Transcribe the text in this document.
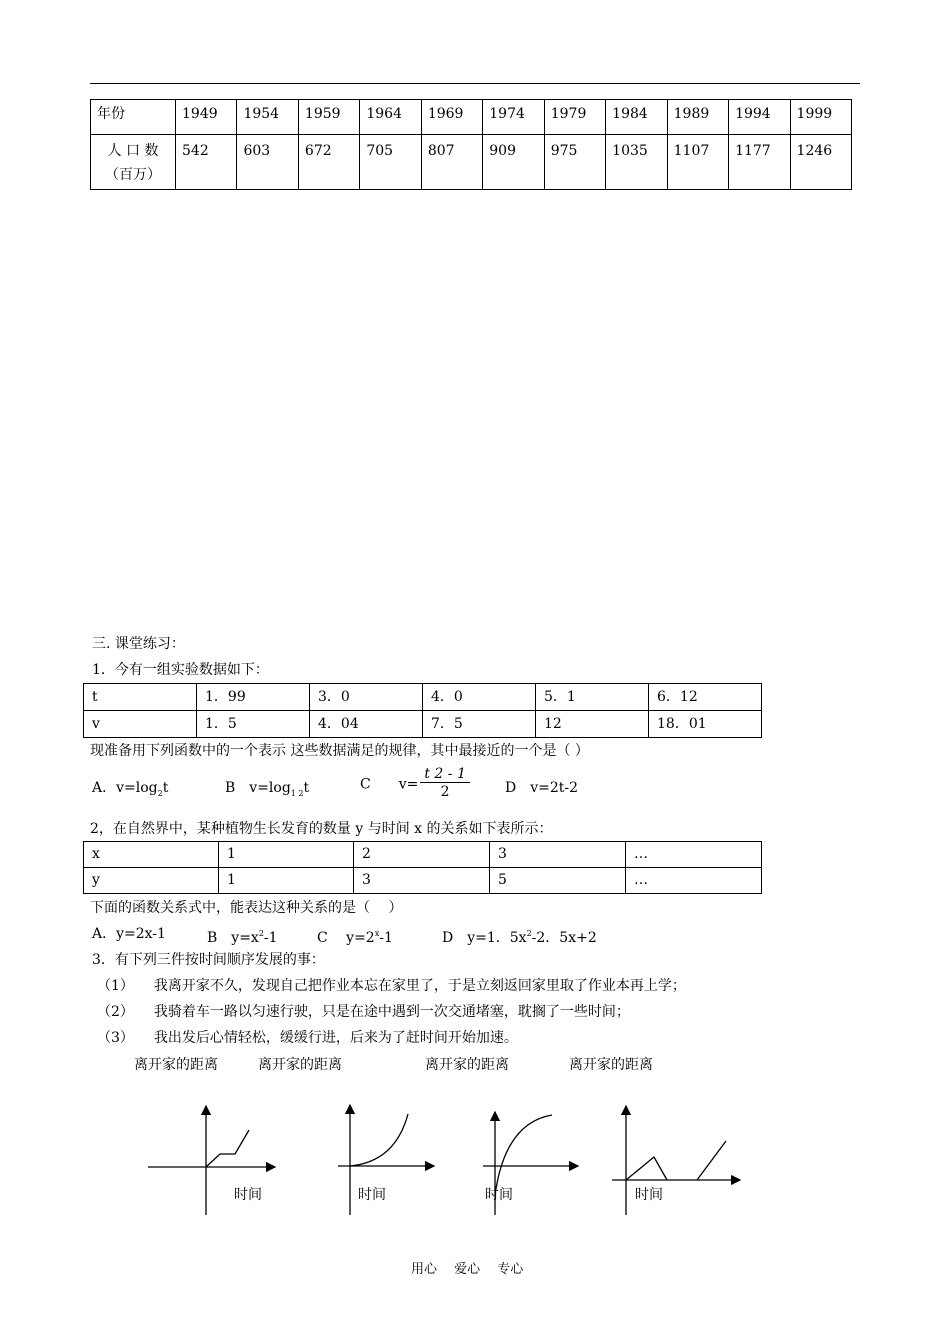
年份	1949	1954	1959	1964	1969	1974	1979	1984	1989	1994	1999

人 口 数
（百万）	542	603	672	705	807	909	975	1035	1107	1177	1246
三. 课堂练习：
1．今有一组实验数据如下：
t	1．99	3．0	4．0	5．1	6．12
v	1．5	4．04	7．5	12	18．01
现准备用下列函数中的一个表示 这些数据满足的规律，其中最接近的一个是（ ）
A．$v=\log_2t$	B　$v=\log_{1 2}t$	C　　$v= \frac{t 2 - 1}{2}$	D　v=2t-2
2，在自然界中，某种植物生长发育的数量 y 与时间 x 的关系如下表所示：
x	1	2	3	…
y	1	3	5	…
下面的函数关系式中，能表达这种关系的是（　 ）
A．y=2x-1	B　$y=x^2-1$	C　 $y=2^x-1$	D　y=1．$5x^2-2$．5x+2
3．有下列三件按时间顺序发展的事：
（1） 我离开家不久，发现自己把作业本忘在家里了，于是立刻返回家里取了作业本再上学；
（2） 我骑着车一路以匀速行驶，只是在途中遇到一次交通堵塞，耽搁了一些时间；
（3） 我出发后心情轻松，缓缓行进，后来为了赶时间开始加速。
离开家的距离	离开家的距离	离开家的距离	离开家的距离
时间	时间	时间	时间
用心　 爱心　 专心
